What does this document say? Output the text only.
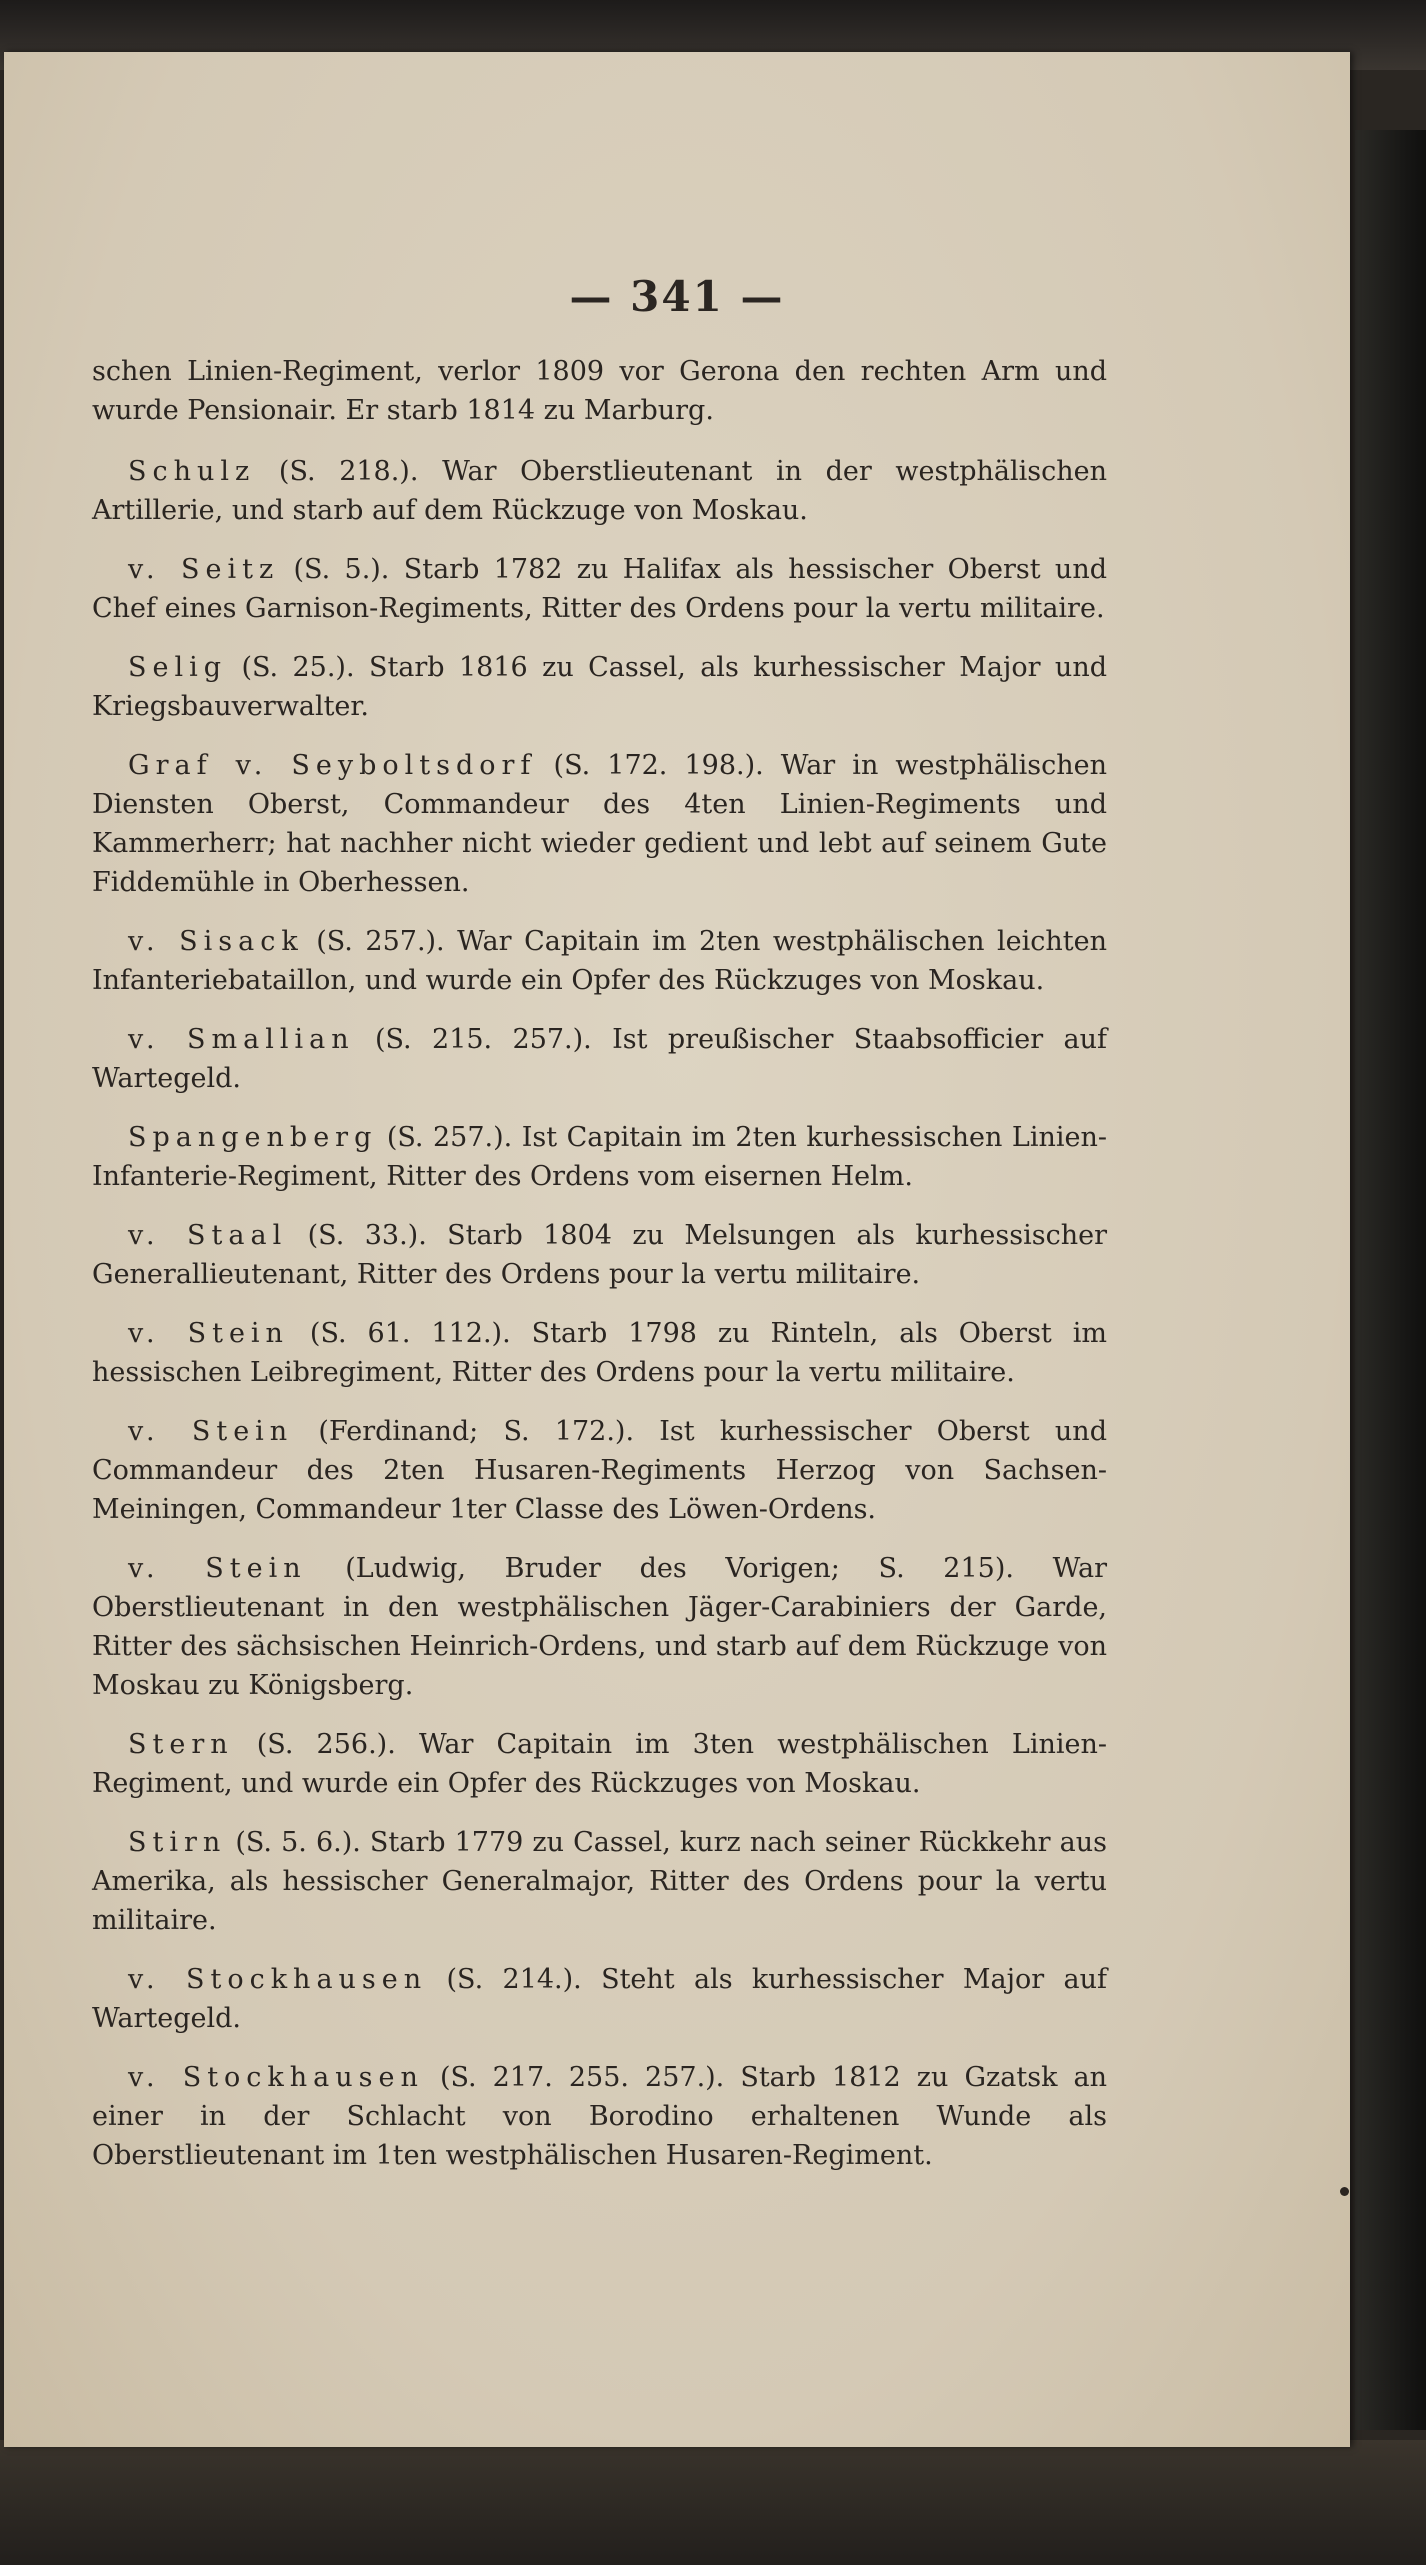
— 341 —

schen Linien-Regiment, verlor 1809 vor Gerona den rechten Arm und wurde Pensionair. Er starb 1814 zu Marburg.

Schulz (S. 218.). War Oberstlieutenant in der westphälischen Artillerie, und starb auf dem Rückzuge von Moskau.

v. Seitz (S. 5.). Starb 1782 zu Halifax als hessischer Oberst und Chef eines Garnison-Regiments, Ritter des Ordens pour la vertu militaire.

Selig (S. 25.). Starb 1816 zu Cassel, als kurhessischer Major und Kriegsbauverwalter.

Graf v. Seyboltsdorf (S. 172. 198.). War in westphälischen Diensten Oberst, Commandeur des 4ten Linien-Regiments und Kammerherr; hat nachher nicht wieder gedient und lebt auf seinem Gute Fiddemühle in Oberhessen.

v. Sisack (S. 257.). War Capitain im 2ten westphälischen leichten Infanteriebataillon, und wurde ein Opfer des Rückzuges von Moskau.

v. Smallian (S. 215. 257.). Ist preußischer Staabsofficier auf Wartegeld.

Spangenberg (S. 257.). Ist Capitain im 2ten kurhessischen Linien-Infanterie-Regiment, Ritter des Ordens vom eisernen Helm.

v. Staal (S. 33.). Starb 1804 zu Melsungen als kurhessischer Generallieutenant, Ritter des Ordens pour la vertu militaire.

v. Stein (S. 61. 112.). Starb 1798 zu Rinteln, als Oberst im hessischen Leibregiment, Ritter des Ordens pour la vertu militaire.

v. Stein (Ferdinand; S. 172.). Ist kurhessischer Oberst und Commandeur des 2ten Husaren-Regiments Herzog von Sachsen-Meiningen, Commandeur 1ter Classe des Löwen-Ordens.

v. Stein (Ludwig, Bruder des Vorigen; S. 215). War Oberstlieutenant in den westphälischen Jäger-Carabiniers der Garde, Ritter des sächsischen Heinrich-Ordens, und starb auf dem Rückzuge von Moskau zu Königsberg.

Stern (S. 256.). War Capitain im 3ten westphälischen Linien-Regiment, und wurde ein Opfer des Rückzuges von Moskau.

Stirn (S. 5. 6.). Starb 1779 zu Cassel, kurz nach seiner Rückkehr aus Amerika, als hessischer Generalmajor, Ritter des Ordens pour la vertu militaire.

v. Stockhausen (S. 214.). Steht als kurhessischer Major auf Wartegeld.

v. Stockhausen (S. 217. 255. 257.). Starb 1812 zu Gzatsk an einer in der Schlacht von Borodino erhaltenen Wunde als Oberstlieutenant im 1ten westphälischen Husaren-Regiment.
